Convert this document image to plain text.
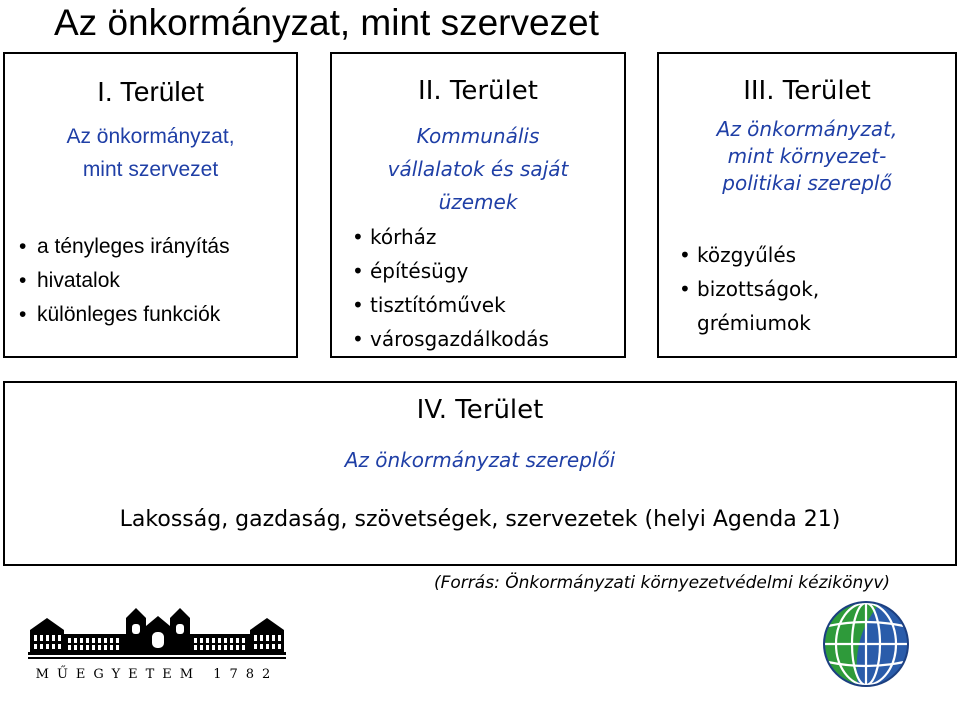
Az önkormányzat, mint szervezet
I. Terület
Az önkormányzat,
mint szervezet
• a tényleges irányítás
• hivatalok
• különleges funkciók
II. Terület
Kommunális
vállalatok és saját
üzemek
• kórház
• építésügy
• tisztítóművek
• városgazdálkodás
III. Terület
Az önkormányzat,
mint környezet-
politikai szereplő
• közgyűlés
• bizottságok,
grémiumok
IV. Terület
Az önkormányzat szereplői
Lakosság, gazdaság, szövetségek, szervezetek (helyi Agenda 21)
(Forrás: Önkormányzati környezetvédelmi kézikönyv)
MŰEGYETEM 1782
